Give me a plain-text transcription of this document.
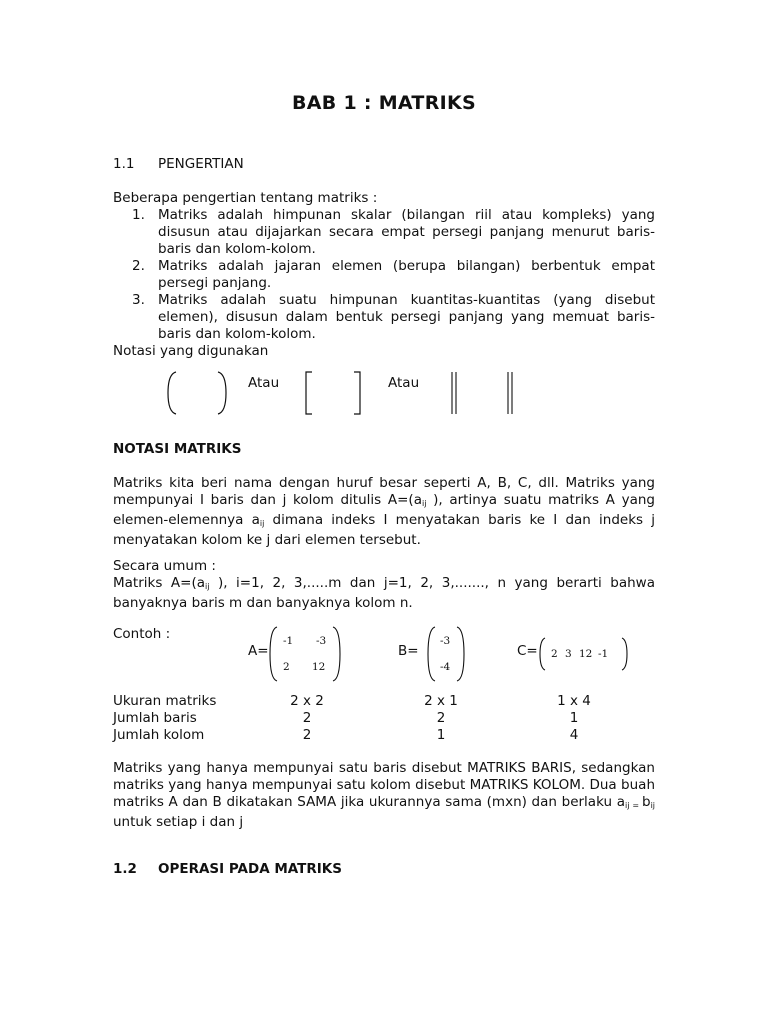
BAB 1 : MATRIKS
1.1 PENGERTIAN

Beberapa pengertian tentang matriks :

1. Matriks adalah himpunan skalar (bilangan riil atau kompleks) yang disusun atau dijajarkan secara empat persegi panjang menurut baris-baris dan kolom-kolom.
2. Matriks adalah jajaran elemen (berupa bilangan) berbentuk empat persegi panjang.
3. Matriks adalah suatu himpunan kuantitas-kuantitas (yang disebut elemen), disusun dalam bentuk persegi panjang yang memuat baris-baris dan kolom-kolom.

Notasi yang digunakan

Atau	Atau
NOTASI MATRIKS

Matriks kita beri nama dengan huruf besar seperti A, B, C, dll. Matriks yang mempunyai I baris dan j kolom ditulis $A=(a_{ij}$ ), artinya suatu matriks A yang elemen-elemennya $a_{ij}$ dimana indeks I menyatakan baris ke I dan indeks j menyatakan kolom ke j dari elemen tersebut.

Secara umum :

Matriks $A=(a_{ij}$ ), i=1, 2, 3,.....m dan j=1, 2, 3,......., n yang berarti bahwa banyaknya baris m dan banyaknya kolom n.

Contoh :
A=
-1 -3
2 12
B=
-3
-4
C= 2 3 12 -1
Ukuran matriks	2 x 2	2 x 1	1 x 4
Jumlah baris	2	2	1
Jumlah kolom	2	1	4

Matriks yang hanya mempunyai satu baris disebut MATRIKS BARIS, sedangkan matriks yang hanya mempunyai satu kolom disebut MATRIKS KOLOM. Dua buah matriks A dan B dikatakan SAMA jika ukurannya sama (mxn) dan berlaku $a_{ij =}$ $b_{ij}$ untuk setiap i dan j

1.2 OPERASI PADA MATRIKS
